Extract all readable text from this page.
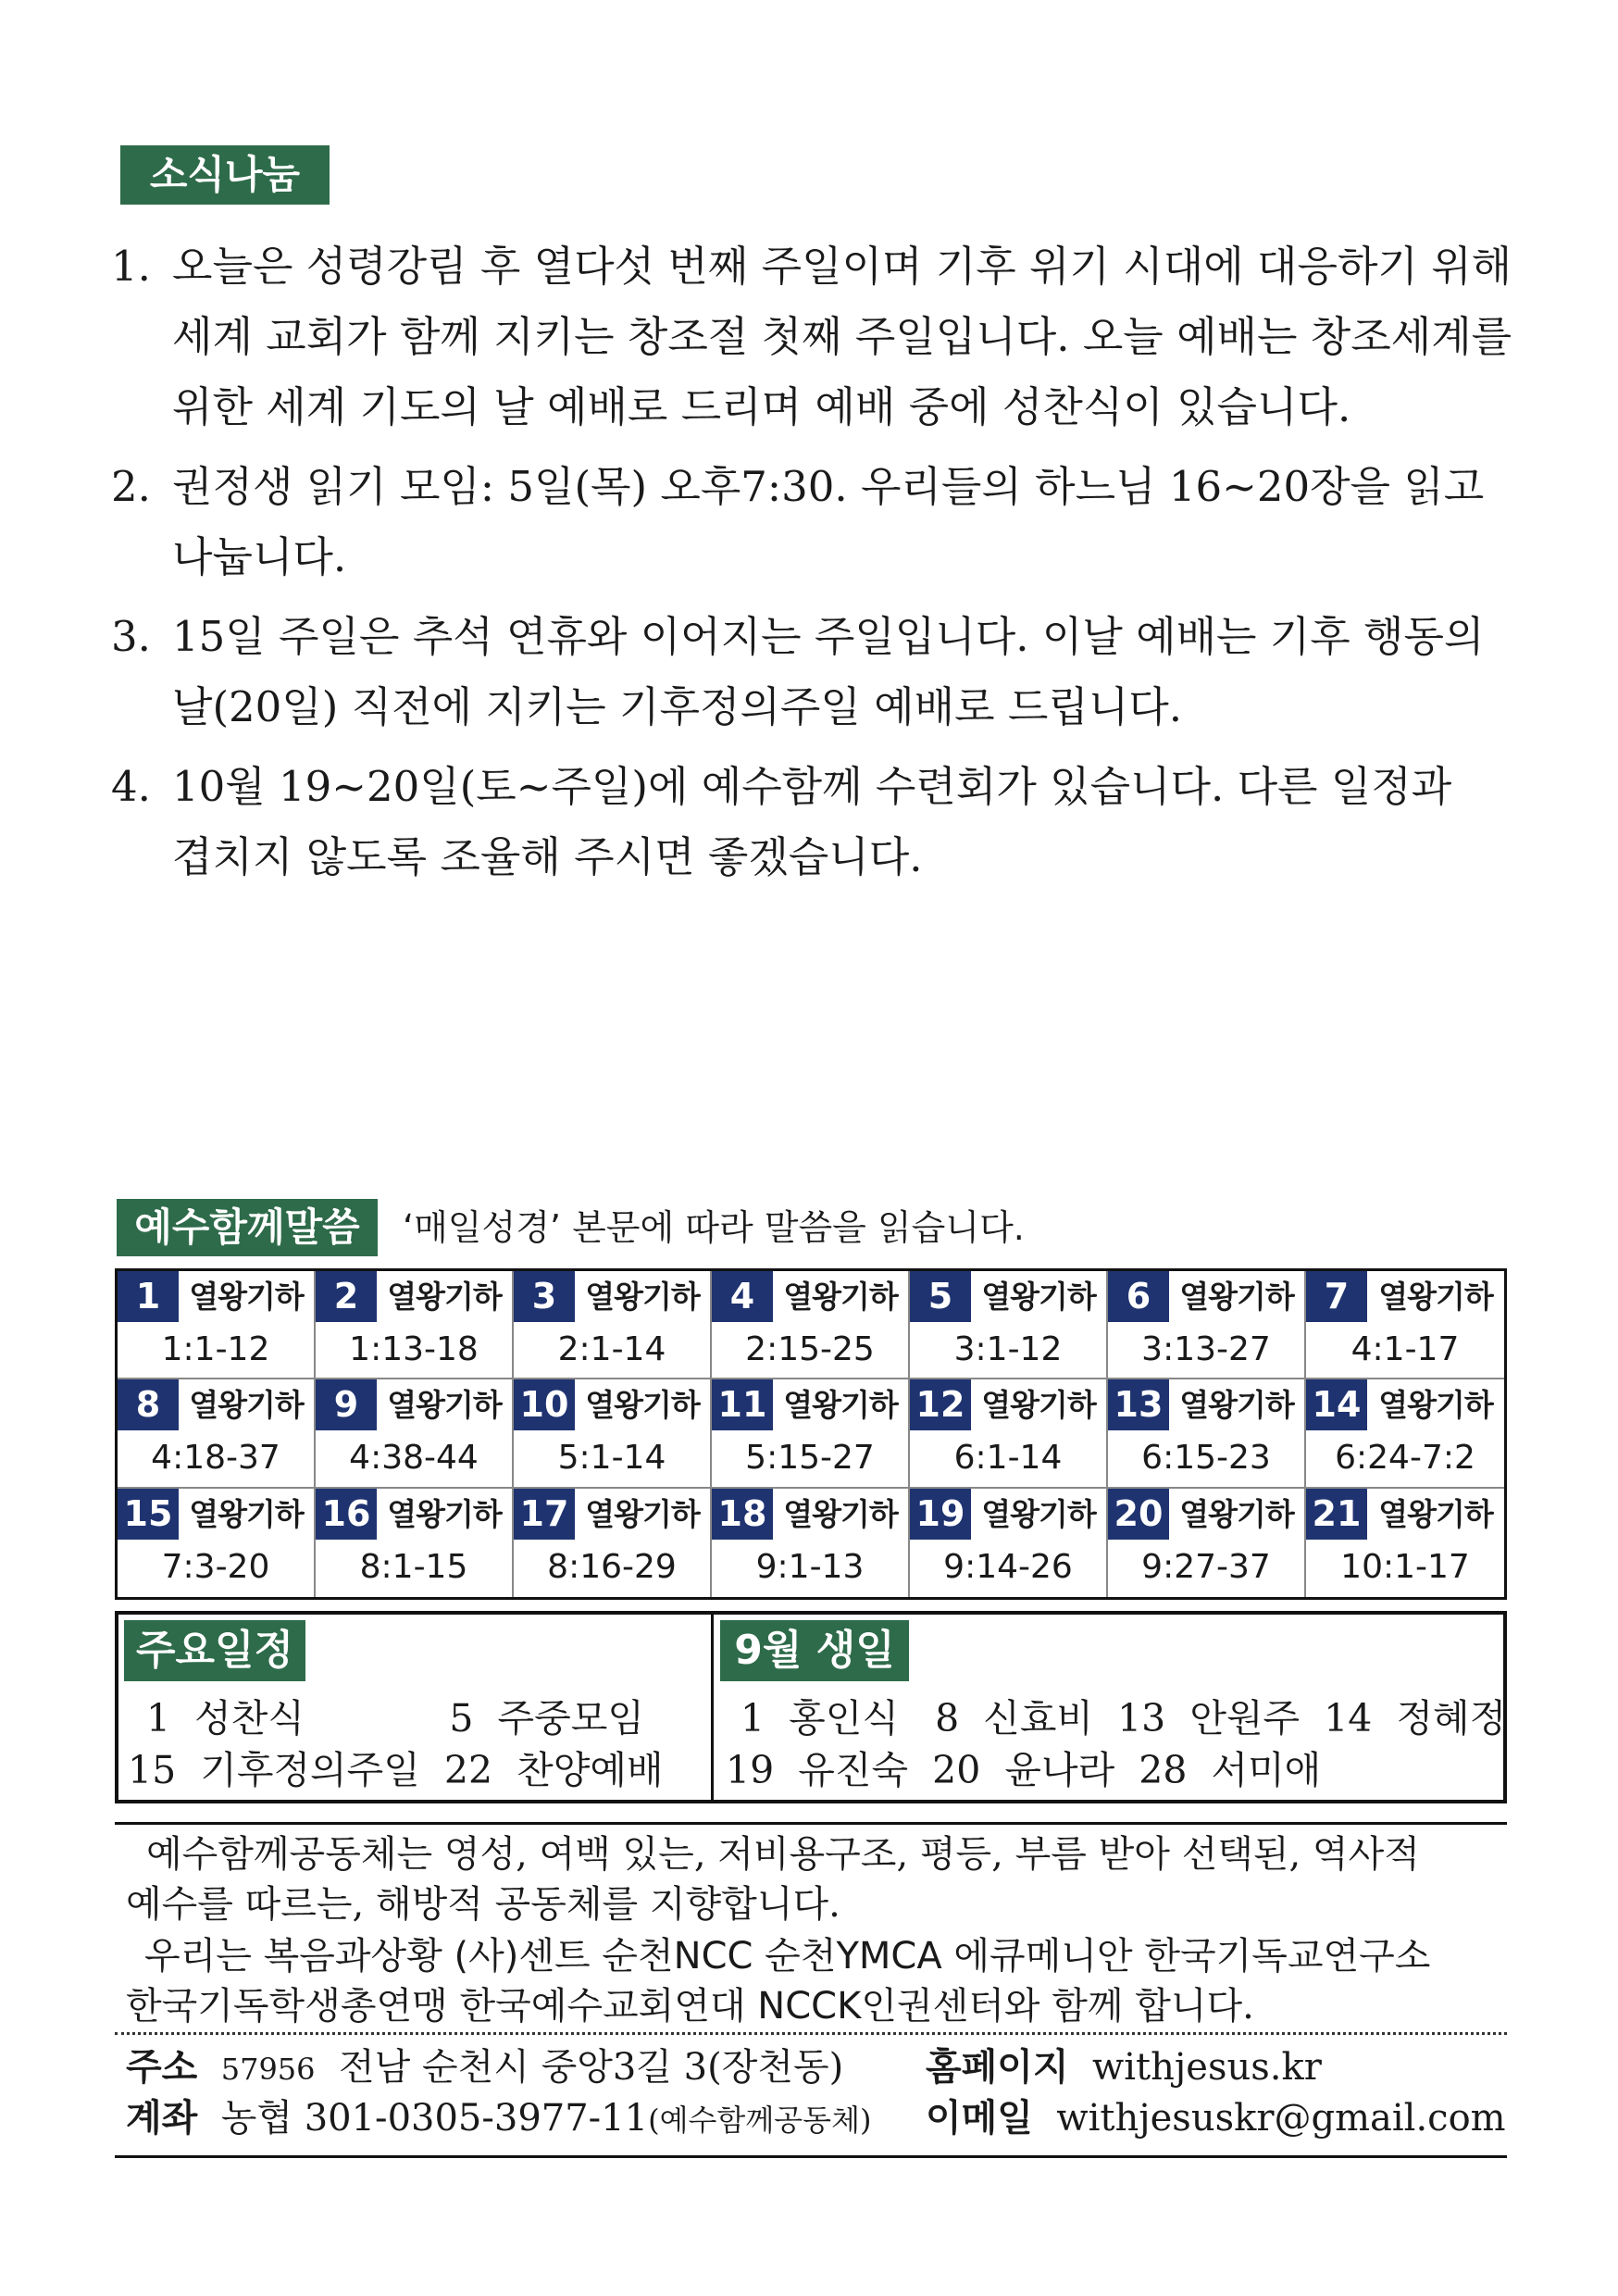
소식나눔
1. 오늘은 성령강림 후 열다섯 번째 주일이며 기후 위기 시대에 대응하기 위해 세계 교회가 함께 지키는 창조절 첫째 주일입니다. 오늘 예배는 창조세계를 위한 세계 기도의 날 예배로 드리며 예배 중에 성찬식이 있습니다.
2. 권정생 읽기 모임: 5일(목) 오후7:30. 우리들의 하느님 16~20장을 읽고 나눕니다.
3. 15일 주일은 추석 연휴와 이어지는 주일입니다. 이날 예배는 기후 행동의 날(20일) 직전에 지키는 기후정의주일 예배로 드립니다.
4. 10월 19~20일(토~주일)에 예수함께 수련회가 있습니다. 다른 일정과 겹치지 않도록 조율해 주시면 좋겠습니다.
예수함께말씀	‘매일성경’ 본문에 따라 말씀을 읽습니다.
1 열왕기하
1:1-12
2 열왕기하
1:13-18
3 열왕기하
2:1-14
4 열왕기하
2:15-25
5 열왕기하
3:1-12
6 열왕기하
3:13-27
7 열왕기하
4:1-17
8 열왕기하
4:18-37
9 열왕기하
4:38-44
10 열왕기하
5:1-14
11 열왕기하
5:15-27
12 열왕기하
6:1-14
13 열왕기하
6:15-23
14 열왕기하
6:24-7:2
15 열왕기하
7:3-20
16 열왕기하
8:1-15
17 열왕기하
8:16-29
18 열왕기하
9:1-13
19 열왕기하
9:14-26
20 열왕기하
9:27-37
21 열왕기하
10:1-17
주요일정
1  성찬식            5  주중모임
15  기후정의주일  22  찬양예배
9월 생일
1  홍인식   8  신효비  13  안원주  14  정혜정
19  유진숙  20  윤나라  28  서미애
예수함께공동체는 영성, 여백 있는, 저비용구조, 평등, 부름 받아 선택된, 역사적 예수를 따르는, 해방적 공동체를 지향합니다.
우리는 복음과상황 (사)센트 순천NCC 순천YMCA 에큐메니안 한국기독교연구소
한국기독학생총연맹 한국예수교회연대 NCCK인권센터와 함께 합니다.
주소 57956 전남 순천시 중앙3길 3(장천동)
계좌 농협 301-0305-3977-11(예수함께공동체)
홈페이지 withjesus.kr
이메일 withjesuskr@gmail.com
